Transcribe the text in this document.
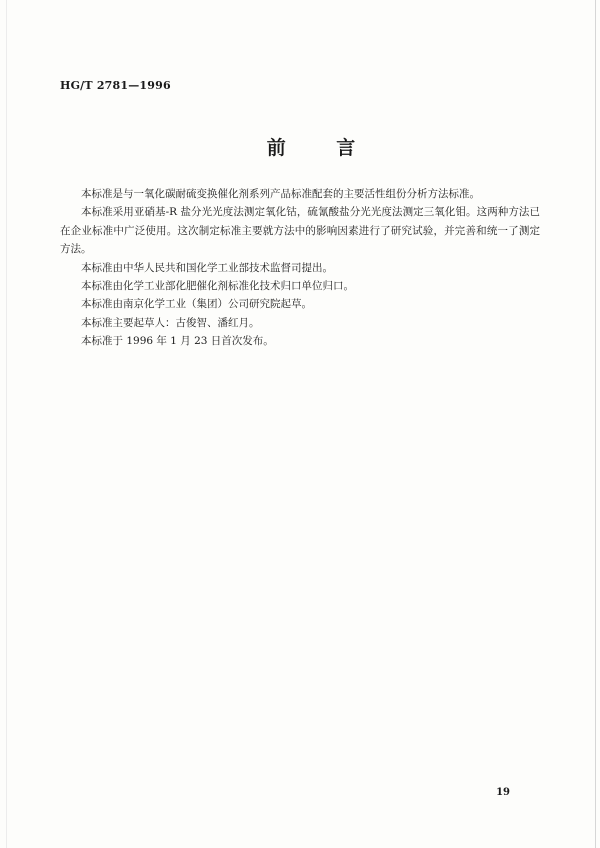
HG/T 2781—1996
前 言

本标准是与一氧化碳耐硫变换催化剂系列产品标准配套的主要活性组份分析方法标准。

本标准采用亚硝基-R 盐分光光度法测定氧化钴，硫氰酸盐分光光度法测定三氧化钼。这两种方法已在企业标准中广泛使用。这次制定标准主要就方法中的影响因素进行了研究试验，并完善和统一了测定方法。

本标准由中华人民共和国化学工业部技术监督司提出。

本标准由化学工业部化肥催化剂标准化技术归口单位归口。

本标准由南京化学工业（集团）公司研究院起草。

本标准主要起草人：古俊智、潘红月。

本标准于 1996 年 1 月 23 日首次发布。

19
